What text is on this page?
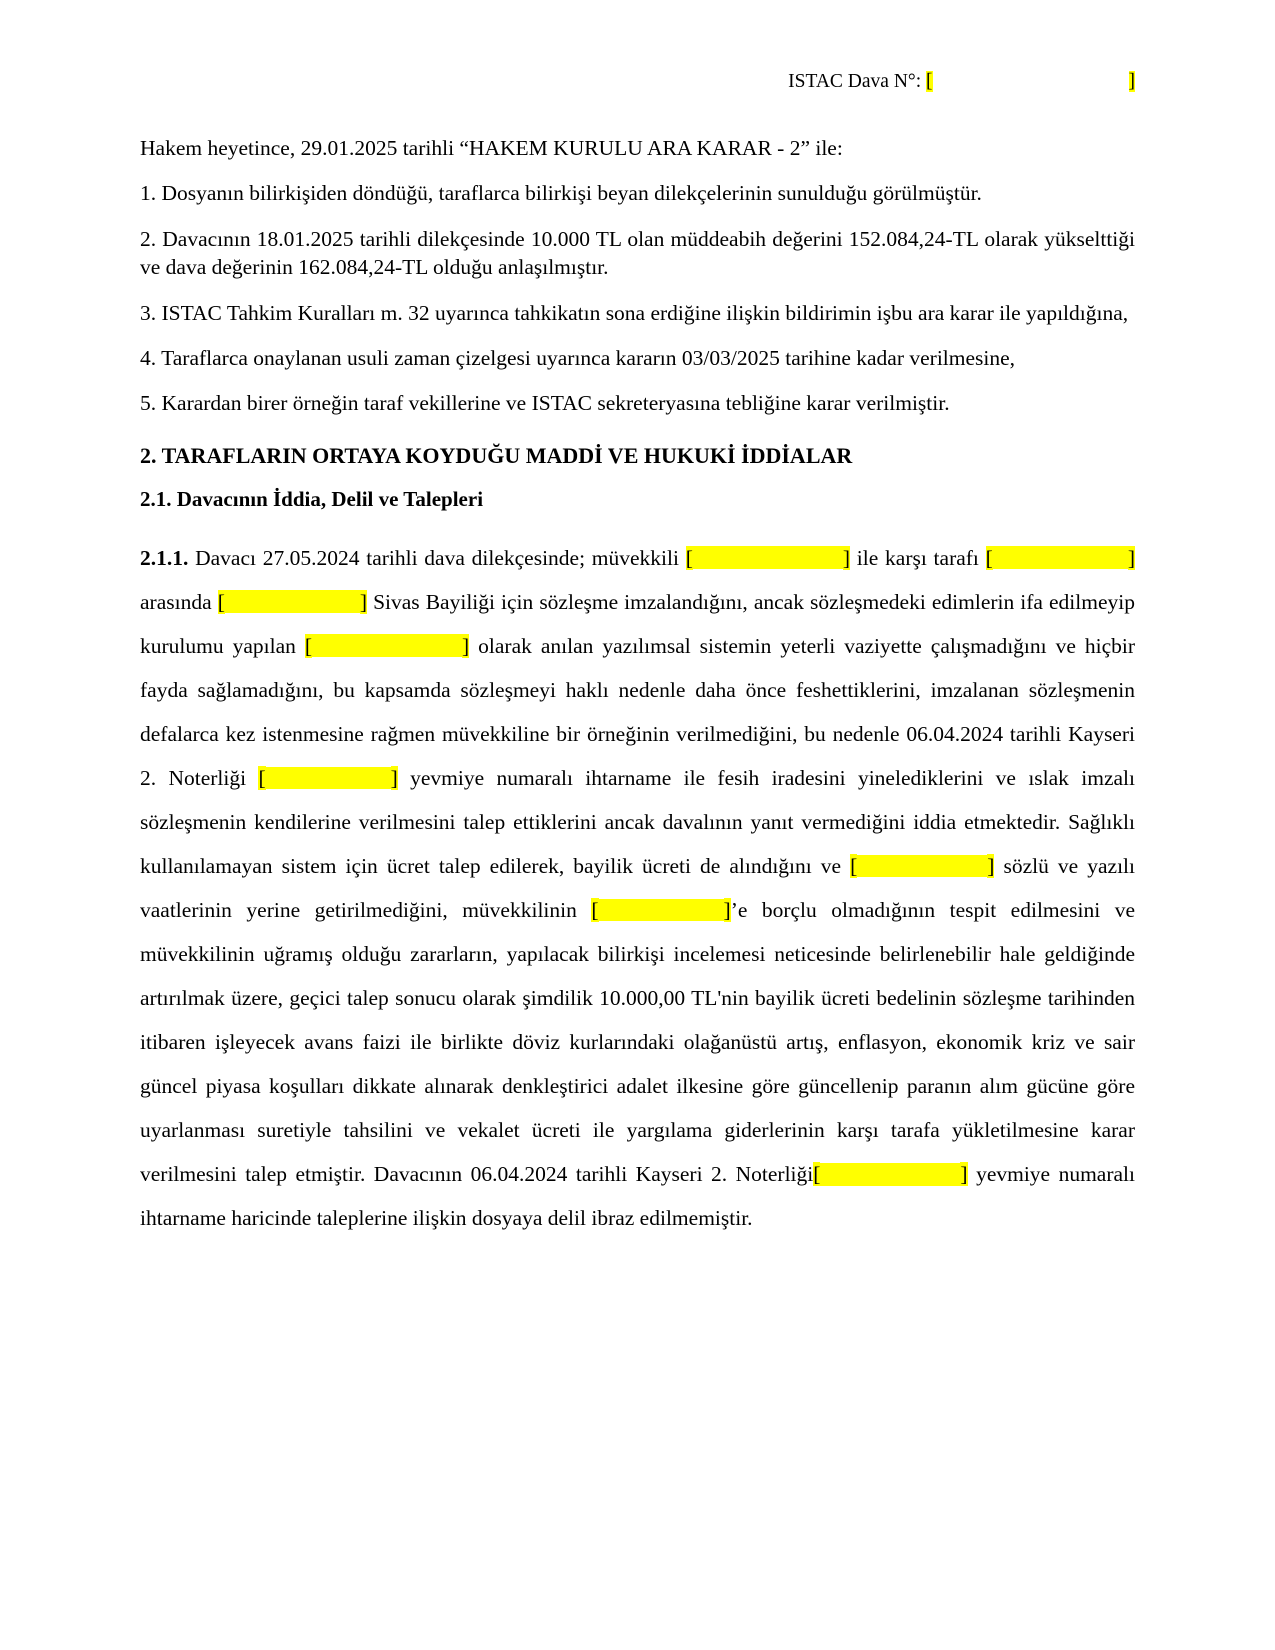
ISTAC Dava N°: [	]

Hakem heyetince, 29.01.2025 tarihli “HAKEM KURULU ARA KARAR - 2” ile:

1. Dosyanın bilirkişiden döndüğü, taraflarca bilirkişi beyan dilekçelerinin sunulduğu görülmüştür.

2. Davacının 18.01.2025 tarihli dilekçesinde 10.000 TL olan müddeabih değerini 152.084,24-TL olarak yükselttiği ve dava değerinin 162.084,24-TL olduğu anlaşılmıştır.

3. ISTAC Tahkim Kuralları m. 32 uyarınca tahkikatın sona erdiğine ilişkin bildirimin işbu ara karar ile yapıldığına,

4. Taraflarca onaylanan usuli zaman çizelgesi uyarınca kararın 03/03/2025 tarihine kadar verilmesine,

5. Karardan birer örneğin taraf vekillerine ve ISTAC sekreteryasına tebliğine karar verilmiştir.

2. TARAFLARIN ORTAYA KOYDUĞU MADDİ VE HUKUKİ İDDİALAR
2.1. Davacının İddia, Delil ve Talepleri

2.1.1. Davacı 27.05.2024 tarihli dava dilekçesinde; müvekkili [	] ile karşı tarafı [	] arasında [	] Sivas Bayiliği için sözleşme imzalandığını, ancak sözleşmedeki edimlerin ifa edilmeyip kurulumu yapılan [	] olarak anılan yazılımsal sistemin yeterli vaziyette çalışmadığını ve hiçbir fayda sağlamadığını, bu kapsamda sözleşmeyi haklı nedenle daha önce feshettiklerini, imzalanan sözleşmenin defalarca kez istenmesine rağmen müvekkiline bir örneğinin verilmediğini, bu nedenle 06.04.2024 tarihli Kayseri 2. Noterliği [	] yevmiye numaralı ihtarname ile fesih iradesini yinelediklerini ve ıslak imzalı sözleşmenin kendilerine verilmesini talep ettiklerini ancak davalının yanıt vermediğini iddia etmektedir. Sağlıklı kullanılamayan sistem için ücret talep edilerek, bayilik ücreti de alındığını ve [	] sözlü ve yazılı vaatlerinin yerine getirilmediğini, müvekkilinin [	]’e borçlu olmadığının tespit edilmesini ve müvekkilinin uğramış olduğu zararların, yapılacak bilirkişi incelemesi neticesinde belirlenebilir hale geldiğinde artırılmak üzere, geçici talep sonucu olarak şimdilik 10.000,00 TL'nin bayilik ücreti bedelinin sözleşme tarihinden itibaren işleyecek avans faizi ile birlikte döviz kurlarındaki olağanüstü artış, enflasyon, ekonomik kriz ve sair güncel piyasa koşulları dikkate alınarak denkleştirici adalet ilkesine göre güncellenip paranın alım gücüne göre uyarlanması suretiyle tahsilini ve vekalet ücreti ile yargılama giderlerinin karşı tarafa yükletilmesine karar verilmesini talep etmiştir. Davacının 06.04.2024 tarihli Kayseri 2. Noterliği[	] yevmiye numaralı ihtarname haricinde taleplerine ilişkin dosyaya delil ibraz edilmemiştir.
